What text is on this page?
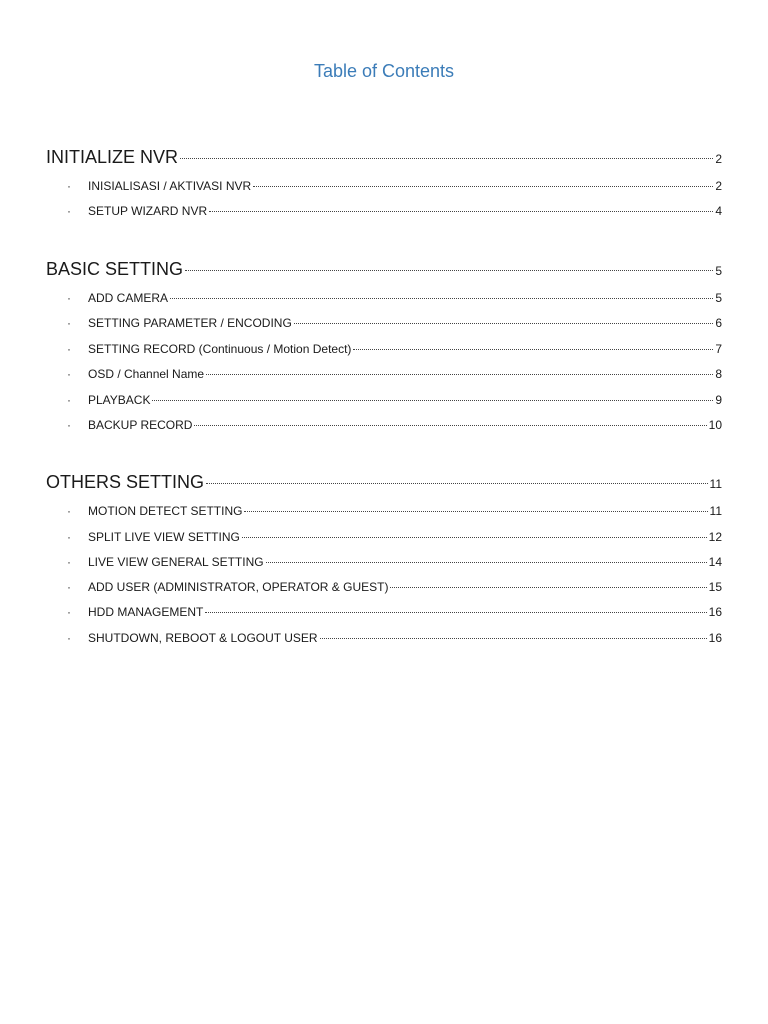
Table of Contents
INITIALIZE NVR	2
·	INISIALISASI / AKTIVASI NVR	2
·	SETUP WIZARD NVR	4
BASIC SETTING	5
·	ADD CAMERA	5
·	SETTING PARAMETER / ENCODING	6
·	SETTING RECORD (Continuous / Motion Detect)	7
·	OSD / Channel Name	8
·	PLAYBACK	9
·	BACKUP RECORD	10
OTHERS SETTING	11
·	MOTION DETECT SETTING	11
·	SPLIT LIVE VIEW SETTING	12
·	LIVE VIEW GENERAL SETTING	14
·	ADD USER (ADMINISTRATOR, OPERATOR & GUEST)	15
·	HDD MANAGEMENT	16
·	SHUTDOWN, REBOOT & LOGOUT USER	16
